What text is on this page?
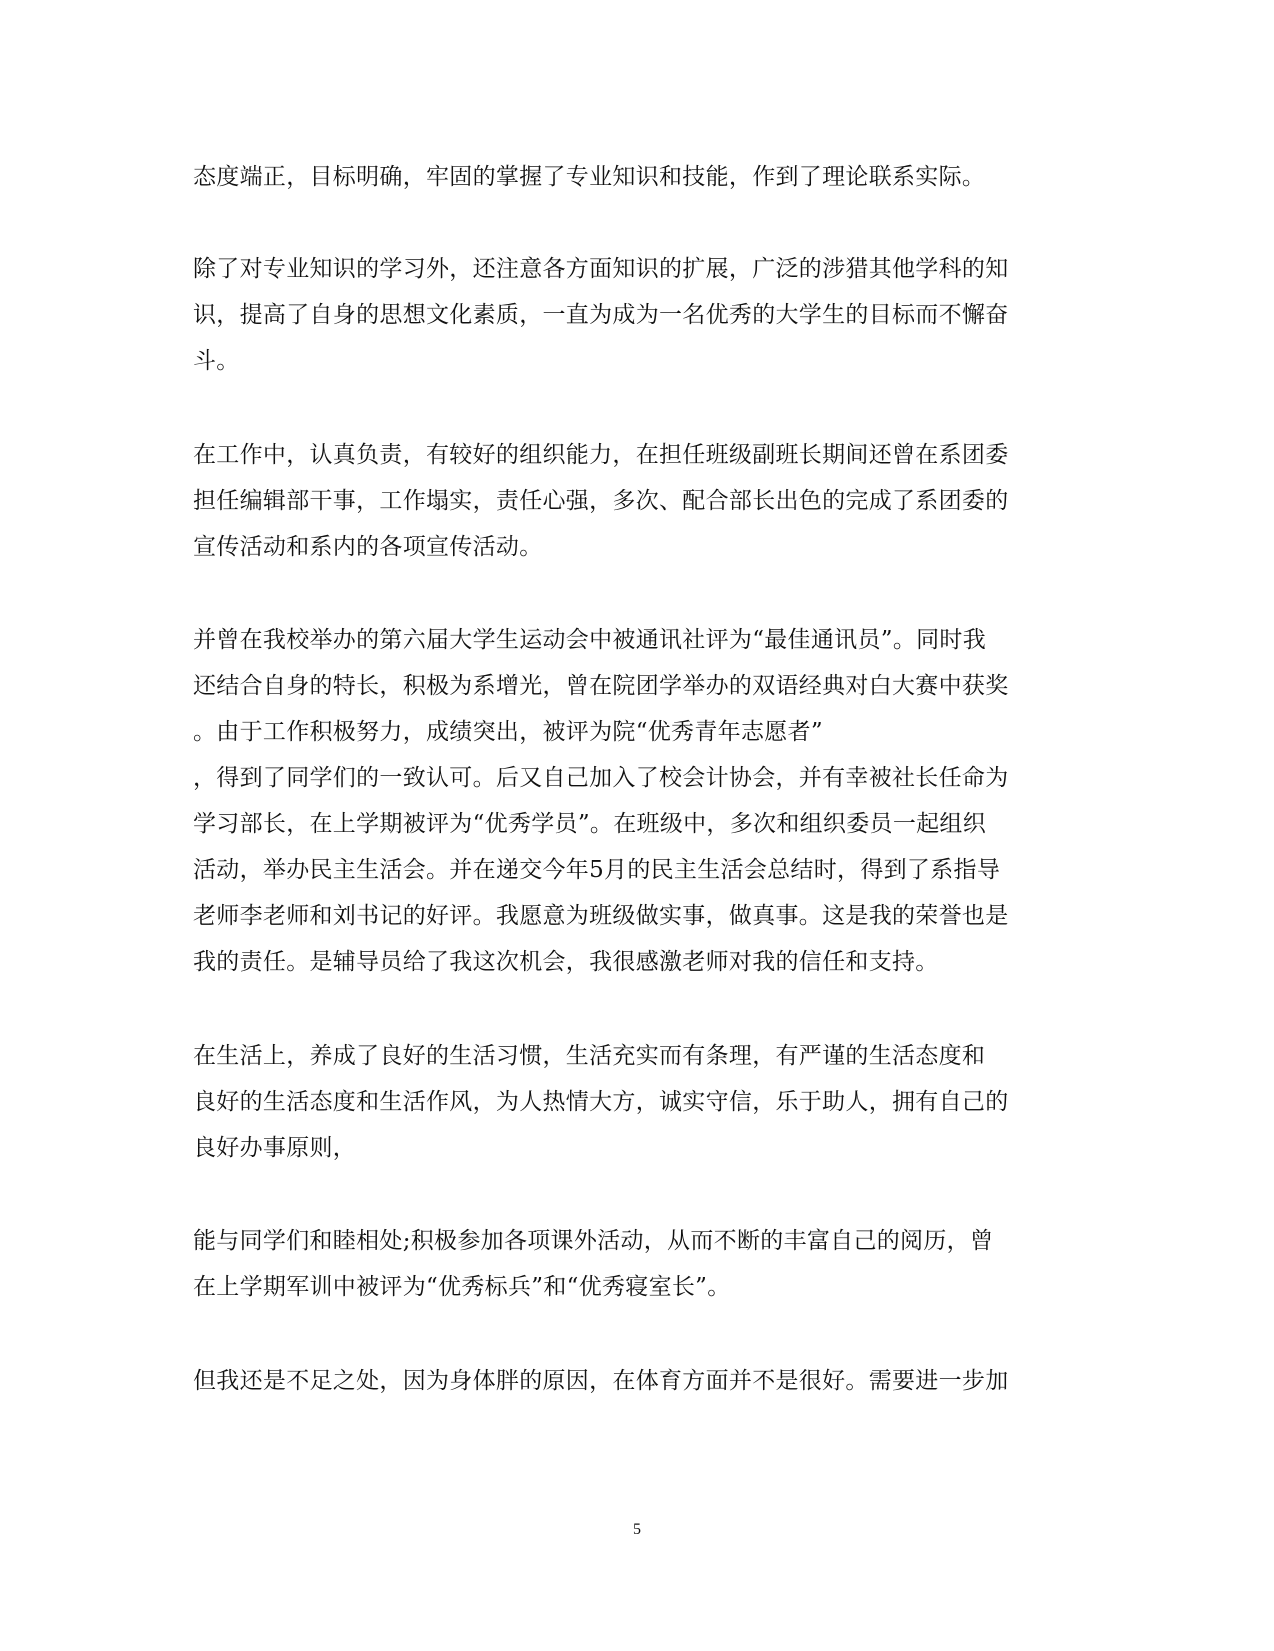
态度端正，目标明确，牢固的掌握了专业知识和技能，作到了理论联系实际。
除了对专业知识的学习外，还注意各方面知识的扩展，广泛的涉猎其他学科的知
识，提高了自身的思想文化素质，一直为成为一名优秀的大学生的目标而不懈奋
斗。
在工作中，认真负责，有较好的组织能力，在担任班级副班长期间还曾在系团委
担任编辑部干事，工作塌实，责任心强，多次、配合部长出色的完成了系团委的
宣传活动和系内的各项宣传活动。
并曾在我校举办的第六届大学生运动会中被通讯社评为“最佳通讯员”。同时我
还结合自身的特长，积极为系增光，曾在院团学举办的双语经典对白大赛中获奖
。由于工作积极努力，成绩突出，被评为院“优秀青年志愿者”
，得到了同学们的一致认可。后又自己加入了校会计协会，并有幸被社长任命为
学习部长，在上学期被评为“优秀学员”。在班级中，多次和组织委员一起组织
活动，举办民主生活会。并在递交今年5月的民主生活会总结时，得到了系指导
老师李老师和刘书记的好评。我愿意为班级做实事，做真事。这是我的荣誉也是
我的责任。是辅导员给了我这次机会，我很感激老师对我的信任和支持。
在生活上，养成了良好的生活习惯，生活充实而有条理，有严谨的生活态度和
良好的生活态度和生活作风，为人热情大方，诚实守信，乐于助人，拥有自己的
良好办事原则，
能与同学们和睦相处;积极参加各项课外活动，从而不断的丰富自己的阅历，曾
在上学期军训中被评为“优秀标兵”和“优秀寝室长”。
但我还是不足之处，因为身体胖的原因，在体育方面并不是很好。需要进一步加
5
